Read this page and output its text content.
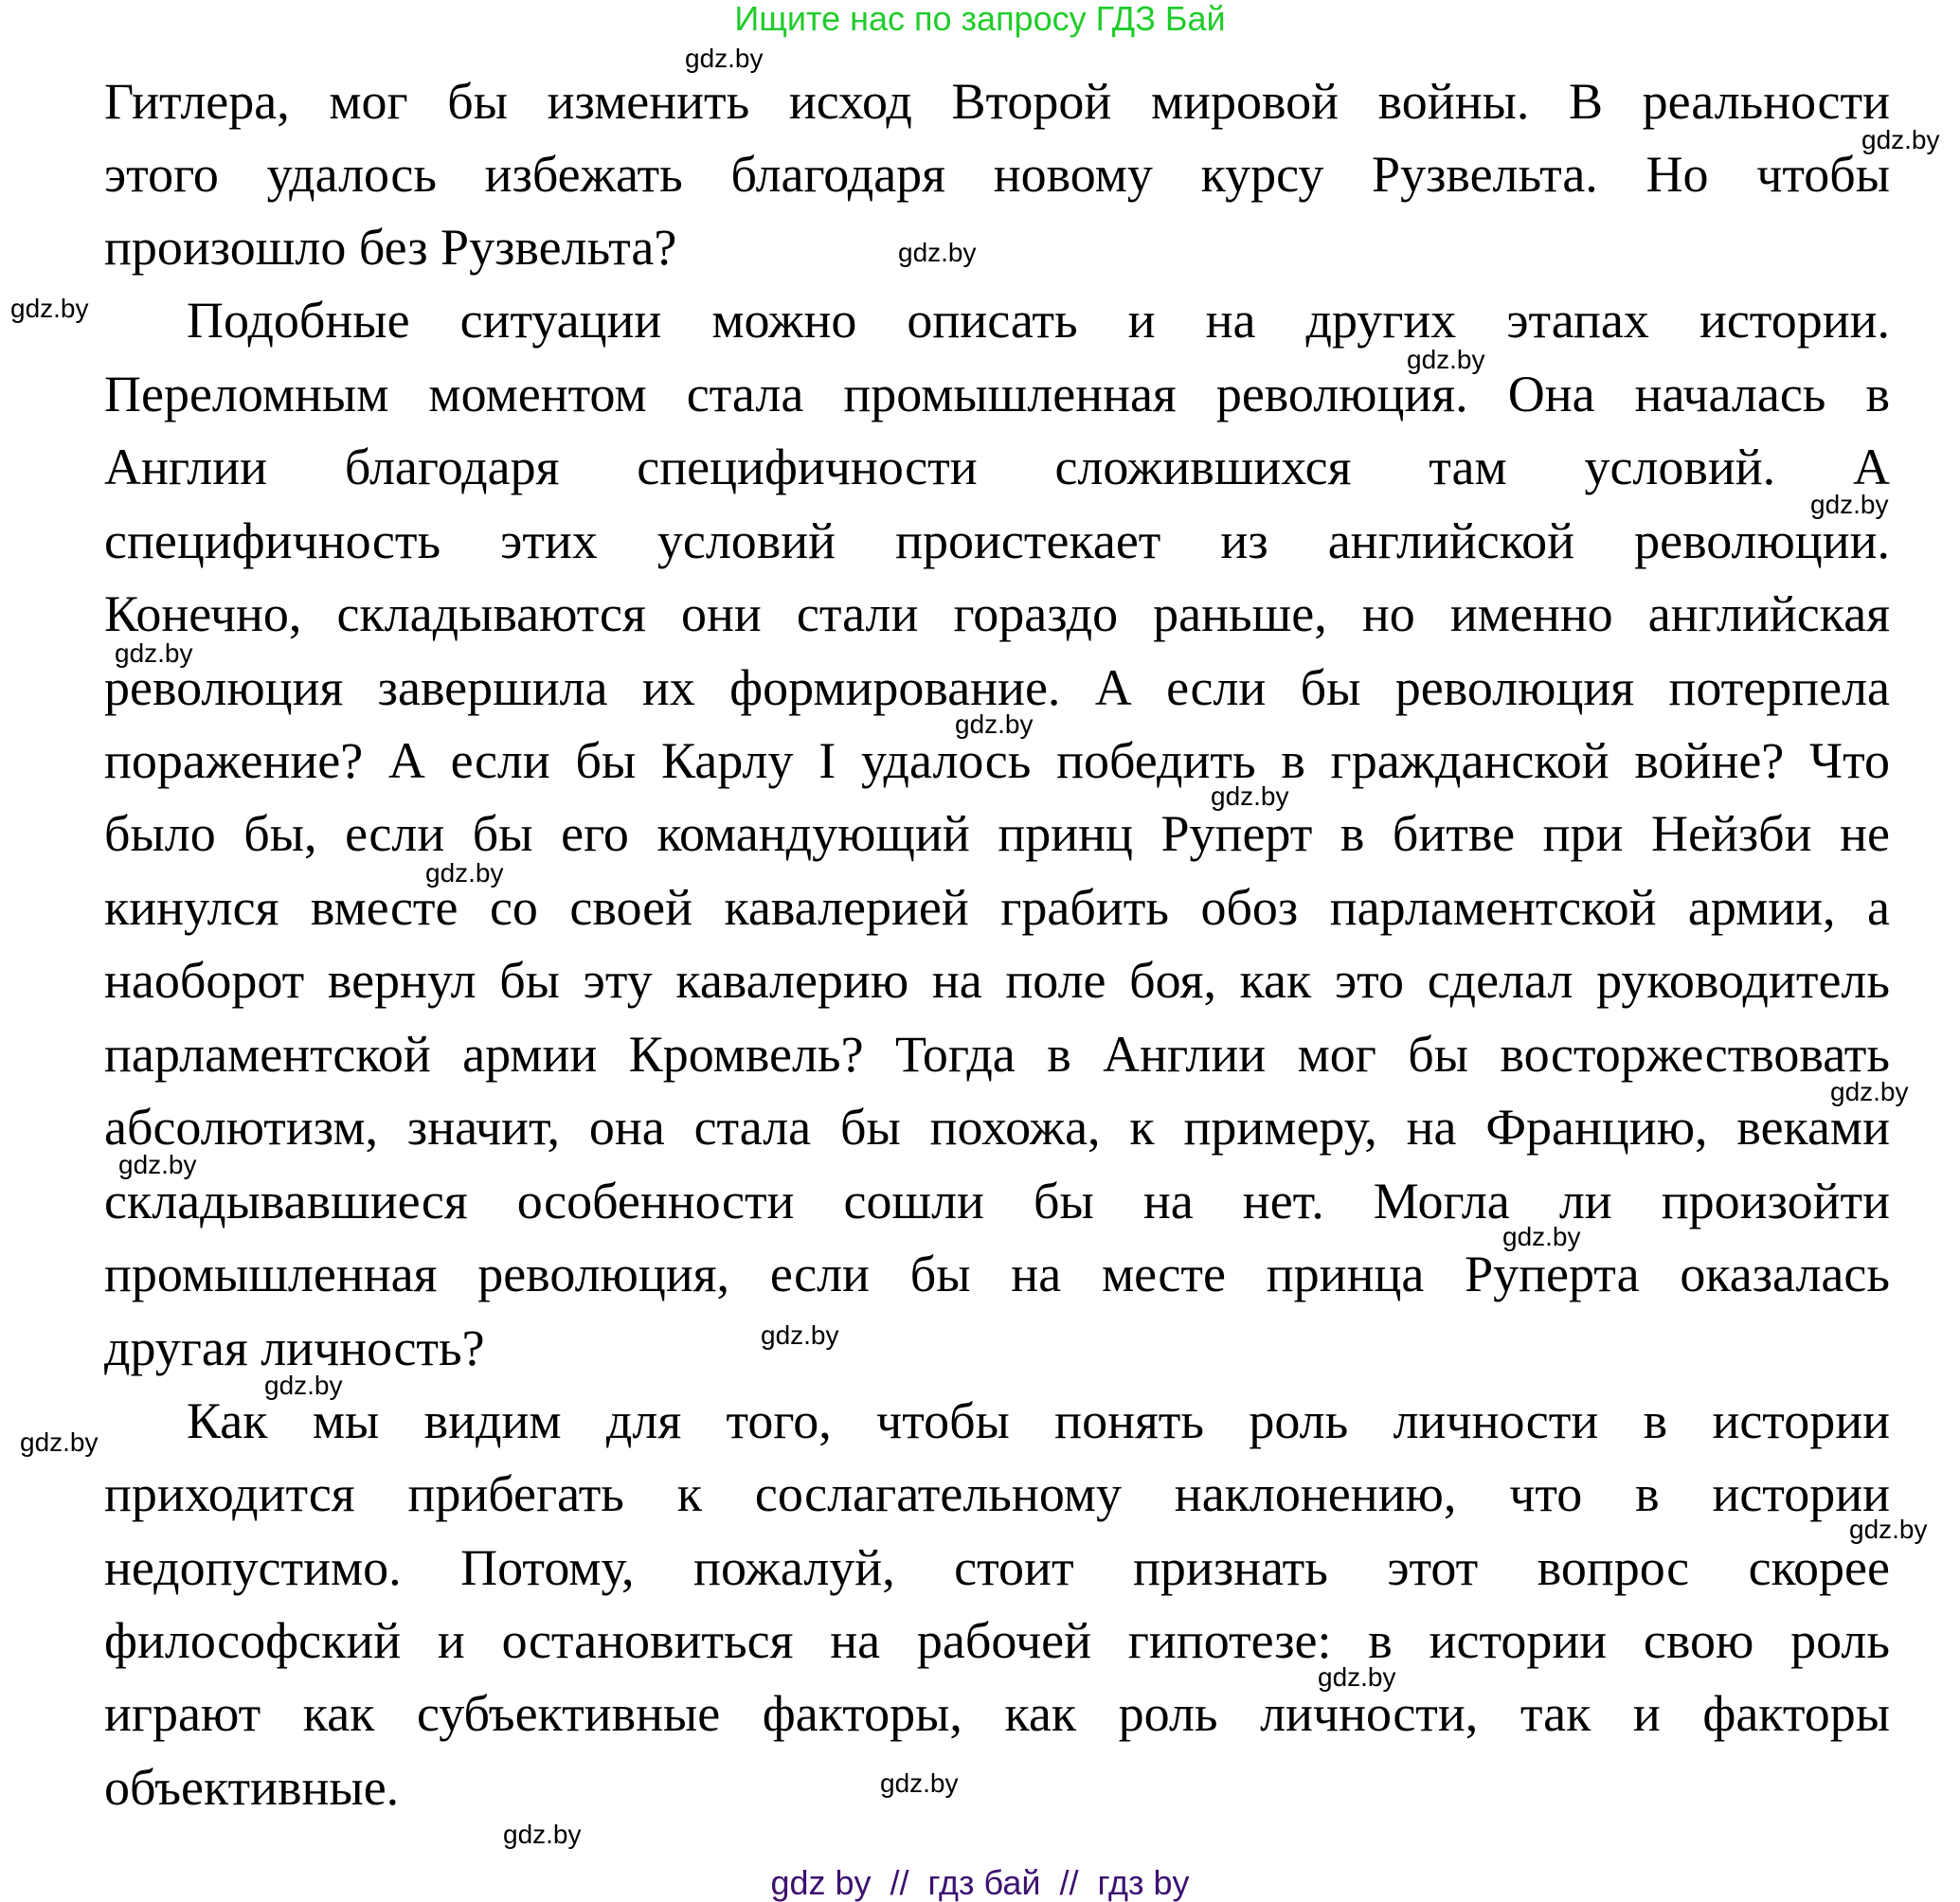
Ищите нас по запросу ГДЗ Бай
Гитлера, мог бы изменить исход Второй мировой войны. В реальности
этого удалось избежать благодаря новому курсу Рузвельта. Но чтобы
произошло без Рузвельта?
Подобные ситуации можно описать и на других этапах истории.
Переломным моментом стала промышленная революция. Она началась в
Англии благодаря специфичности сложившихся там условий. А
специфичность этих условий проистекает из английской революции.
Конечно, складываются они стали гораздо раньше, но именно английская
революция завершила их формирование. А если бы революция потерпела
поражение? А если бы Карлу I удалось победить в гражданской войне? Что
было бы, если бы его командующий принц Руперт в битве при Нейзби не
кинулся вместе со своей кавалерией грабить обоз парламентской армии, а
наоборот вернул бы эту кавалерию на поле боя, как это сделал руководитель
парламентской армии Кромвель? Тогда в Англии мог бы восторжествовать
абсолютизм, значит, она стала бы похожа, к примеру, на Францию, веками
складывавшиеся особенности сошли бы на нет. Могла ли произойти
промышленная революция, если бы на месте принца Руперта оказалась
другая личность?
Как мы видим для того, чтобы понять роль личности в истории
приходится прибегать к сослагательному наклонению, что в истории
недопустимо. Потому, пожалуй, стоит признать этот вопрос скорее
философский и остановиться на рабочей гипотезе: в истории свою роль
играют как субъективные факторы, как роль личности, так и факторы
объективные.
gdz.by
gdz.by
gdz.by
gdz.by
gdz.by
gdz.by
gdz.by
gdz.by
gdz.by
gdz.by
gdz.by
gdz.by
gdz.by
gdz.by
gdz.by
gdz.by
gdz.by
gdz.by
gdz.by
gdz.by
gdz by  //  гдз бай  //  гдз by
